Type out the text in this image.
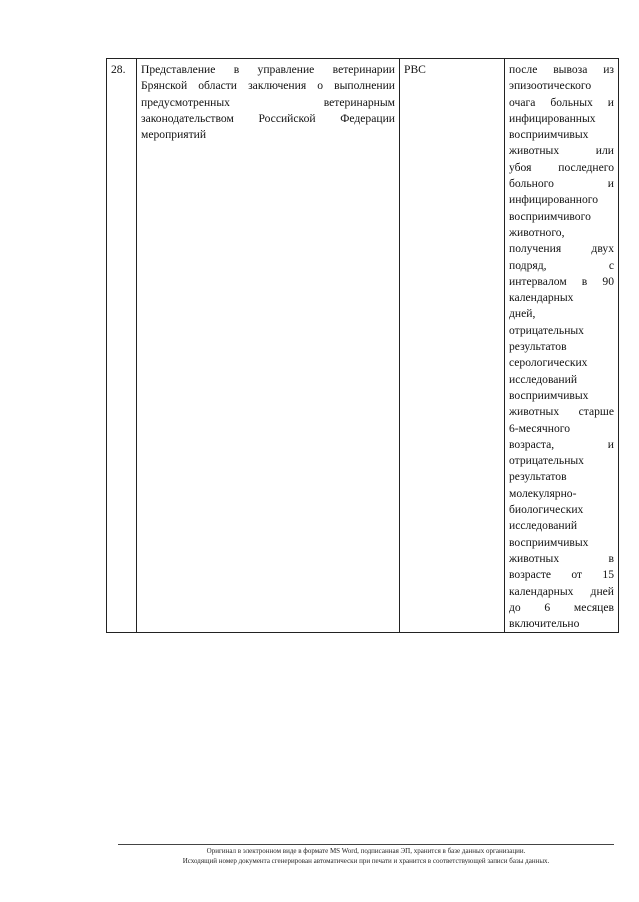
28.	Представление в управление ветеринарии Брянской области заключения о выполнении предусмотренных ветеринарным законодательством Российской Федерации мероприятий	РВС	после вывоза из
эпизоотического
очага больных и
инфицированных
восприимчивых
животных или
убоя последнего
больного и
инфицированного
восприимчивого
животного,
получения двух
подряд, с
интервалом в 90
календарных
дней,
отрицательных
результатов
серологических
исследований
восприимчивых
животных старше
6-месячного
возраста, и
отрицательных
результатов
молекулярно-
биологических
исследований
восприимчивых
животных в
возрасте от 15
календарных дней
до 6 месяцев
включительно
Оригинал в электронном виде в формате MS Word, подписанная ЭП, хранится в базе данных организации.
Исходящий номер документа сгенерирован автоматически при печати и хранится в соответствующей записи базы данных.
